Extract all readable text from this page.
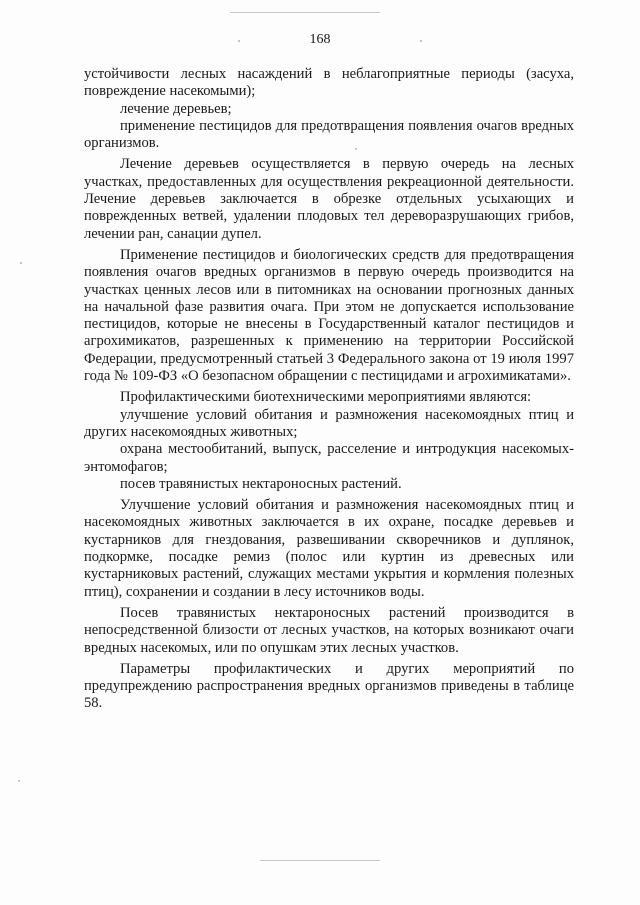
168

устойчивости лесных насаждений в неблагоприятные периоды (засуха, повреждение насекомыми);

лечение деревьев;

применение пестицидов для предотвращения появления очагов вредных организмов.

Лечение деревьев осуществляется в первую очередь на лесных участках, предоставленных для осуществления рекреационной деятельности. Лечение деревьев заключается в обрезке отдельных усыхающих и поврежденных ветвей, удалении плодовых тел дереворазрушающих грибов, лечении ран, санации дупел.

Применение пестицидов и биологических средств для предотвращения появления очагов вредных организмов в первую очередь производится на участках ценных лесов или в питомниках на основании прогнозных данных на начальной фазе развития очага. При этом не допускается использование пестицидов, которые не внесены в Государственный каталог пестицидов и агрохимикатов, разрешенных к применению на территории Российской Федерации, предусмотренный статьей 3 Федерального закона от 19 июля 1997 года № 109-ФЗ «О безопасном обращении с пестицидами и агрохимикатами».

Профилактическими биотехническими мероприятиями являются:

улучшение условий обитания и размножения насекомоядных птиц и других насекомоядных животных;

охрана местообитаний, выпуск, расселение и интродукция насекомых-энтомофагов;

посев травянистых нектароносных растений.

Улучшение условий обитания и размножения насекомоядных птиц и насекомоядных животных заключается в их охране, посадке деревьев и кустарников для гнездования, развешивании скворечников и дуплянок, подкормке, посадке ремиз (полос или куртин из древесных или кустарниковых растений, служащих местами укрытия и кормления полезных птиц), сохранении и создании в лесу источников воды.

Посев травянистых нектароносных растений производится в непосредственной близости от лесных участков, на которых возникают очаги вредных насекомых, или по опушкам этих лесных участков.

Параметры профилактических и других мероприятий по предупреждению распространения вредных организмов приведены в таблице 58.
